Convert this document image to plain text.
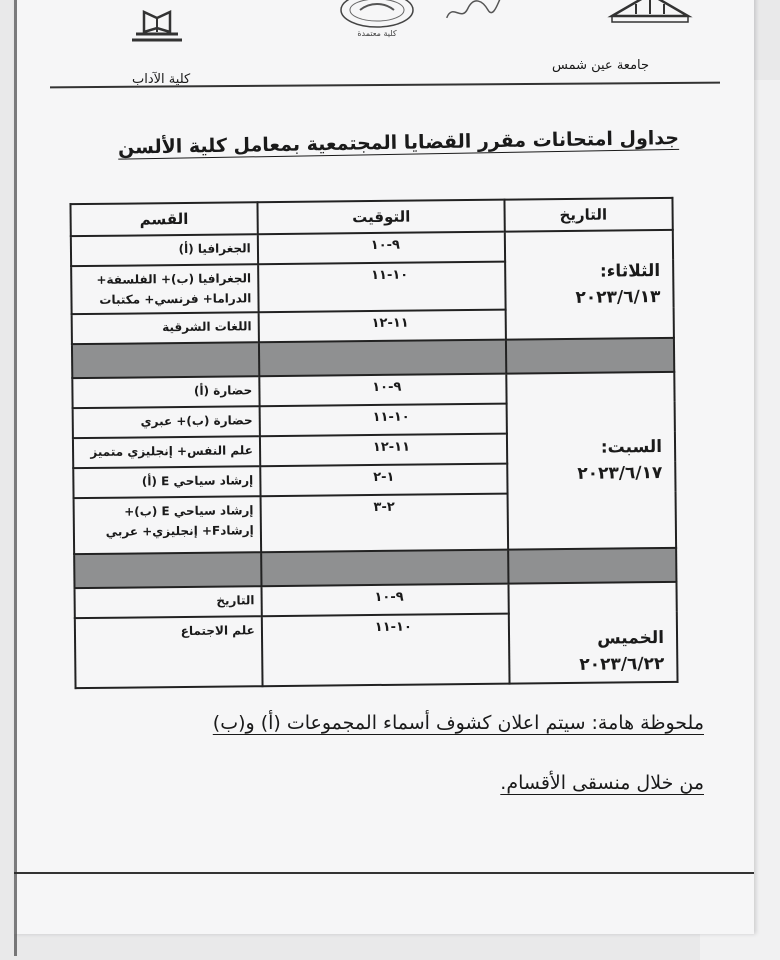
كلية معتمدة
كلية الآداب
جامعة عين شمس
جداول امتحانات مقرر القضايا المجتمعية بمعامل كلية الألسن
التاريخ	التوقيت	القسم

الثلاثاء:
٢٠٢٣/٦/١٣	٩-١٠	الجغرافيا (أ)
	١٠-١١	الجغرافيا (ب)+ الفلسفة+ الدراما+ فرنسي+ مكتبات
	١١-١٢	اللغات الشرقية

السبت:
٢٠٢٣/٦/١٧	٩-١٠	حضارة (أ)
	١٠-١١	حضارة (ب)+ عبري
	١١-١٢	علم النفس+ إنجليزي متميز
	١-٢	إرشاد سياحي E (أ)
	٢-٣	إرشاد سياحي E (ب)+ إرشادF+ إنجليزي+ عربي

الخميس
٢٠٢٣/٦/٢٢	٩-١٠	التاريخ
	١٠-١١	علم الاجتماع
ملحوظة هامة: سيتم اعلان كشوف أسماء المجموعات (أ) و(ب)
من خلال منسقى الأقسام.
